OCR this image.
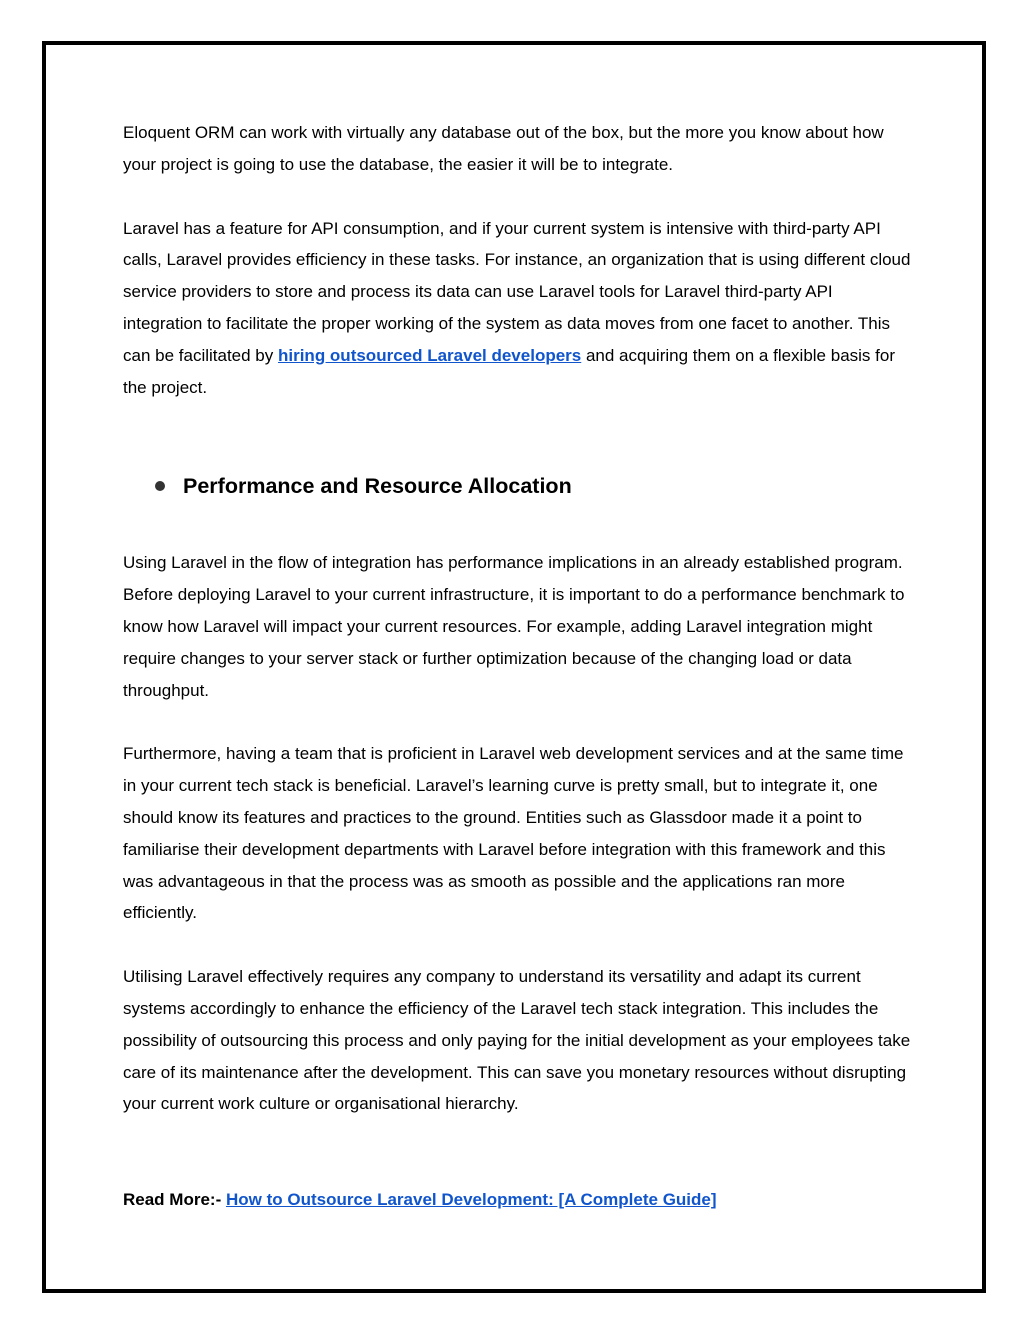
Eloquent ORM can work with virtually any database out of the box, but the more you know about how your project is going to use the database, the easier it will be to integrate.

Laravel has a feature for API consumption, and if your current system is intensive with third-party API calls, Laravel provides efficiency in these tasks. For instance, an organization that is using different cloud service providers to store and process its data can use Laravel tools for Laravel third-party API integration to facilitate the proper working of the system as data moves from one facet to another. This can be facilitated by hiring outsourced Laravel developers and acquiring them on a flexible basis for the project.

Performance and Resource Allocation

Using Laravel in the flow of integration has performance implications in an already established program. Before deploying Laravel to your current infrastructure, it is important to do a performance benchmark to know how Laravel will impact your current resources. For example, adding Laravel integration might require changes to your server stack or further optimization because of the changing load or data throughput.

Furthermore, having a team that is proficient in Laravel web development services and at the same time in your current tech stack is beneficial. Laravel’s learning curve is pretty small, but to integrate it, one should know its features and practices to the ground. Entities such as Glassdoor made it a point to familiarise their development departments with Laravel before integration with this framework and this was advantageous in that the process was as smooth as possible and the applications ran more efficiently.

Utilising Laravel effectively requires any company to understand its versatility and adapt its current systems accordingly to enhance the efficiency of the Laravel tech stack integration. This includes the possibility of outsourcing this process and only paying for the initial development as your employees take care of its maintenance after the development. This can save you monetary resources without disrupting your current work culture or organisational hierarchy.

Read More:- How to Outsource Laravel Development: [A Complete Guide]
